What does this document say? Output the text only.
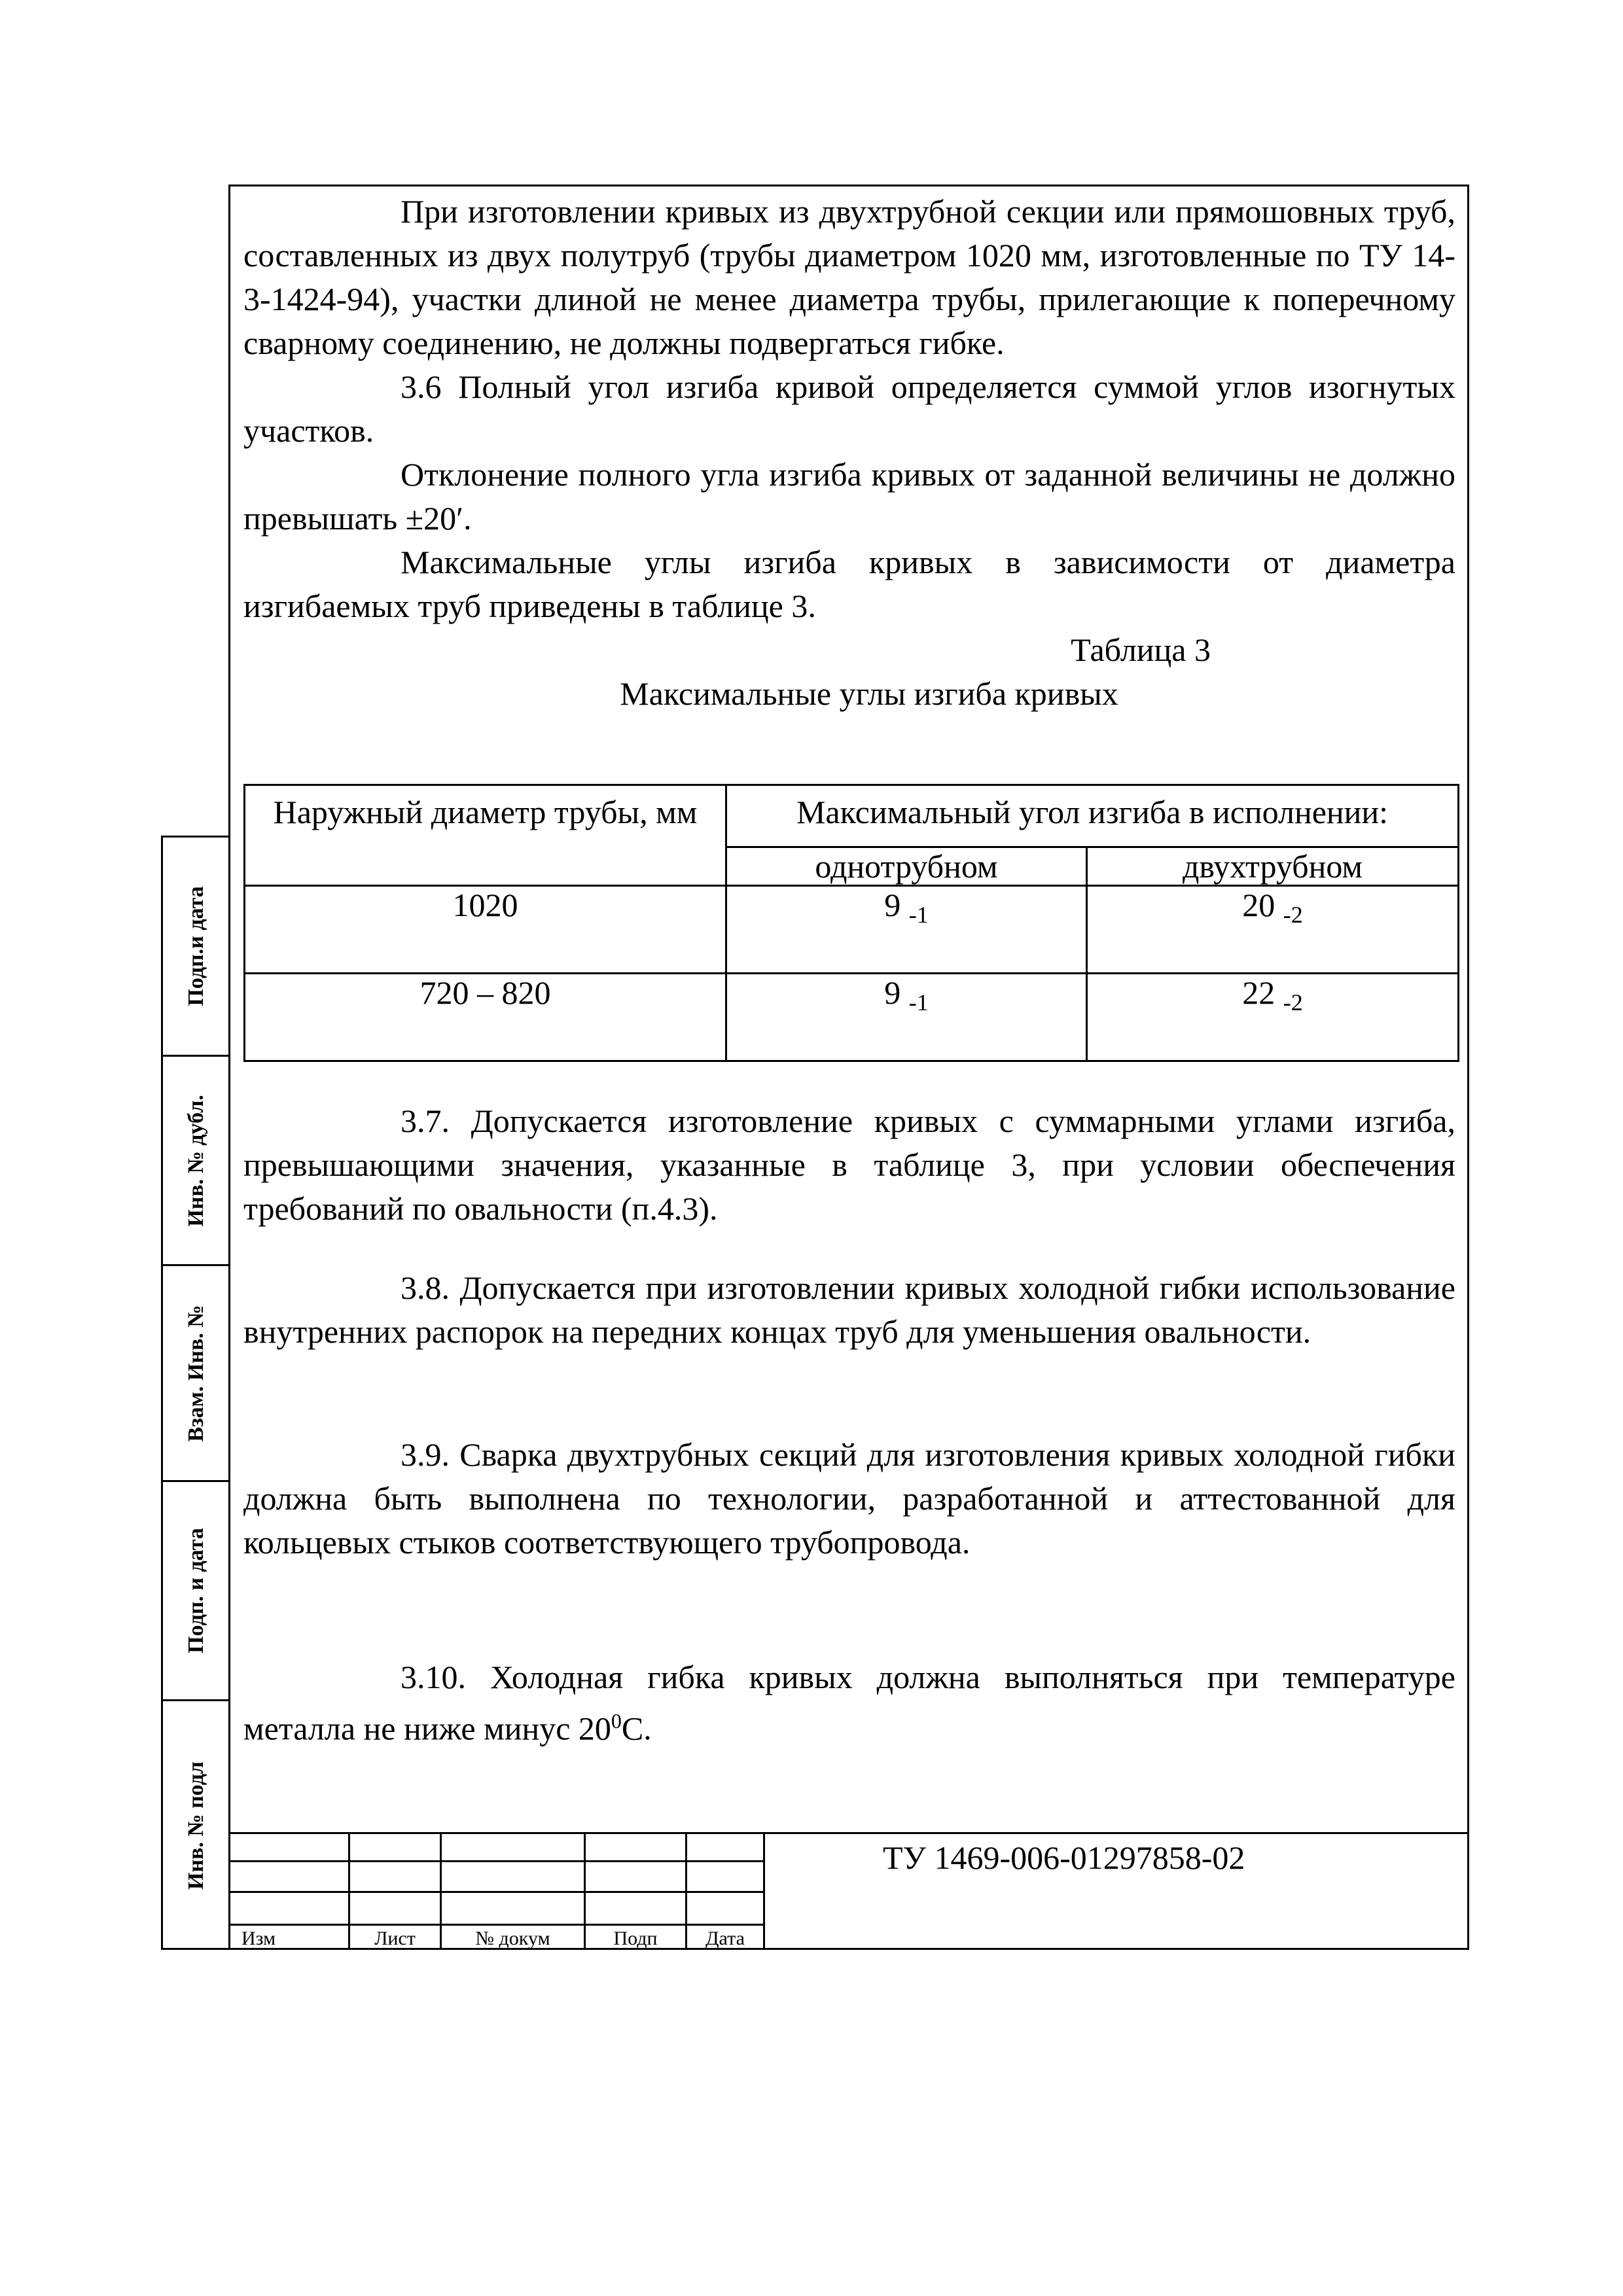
При изготовлении кривых из двухтрубной секции или прямошовных труб, составленных из двух полутруб (трубы диаметром 1020 мм, изготовленные по ТУ 14-3-1424-94), участки длиной не менее диаметра трубы, прилегающие к поперечному сварному соединению, не должны подвергаться гибке.

3.6 Полный угол изгиба кривой определяется суммой углов изогнутых участков.

Отклонение полного угла изгиба кривых от заданной величины не должно превышать ±20′.

Максимальные углы изгиба кривых в зависимости от диаметра изгибаемых труб приведены в таблице 3.

Таблица 3

Максимальные углы изгиба кривых

Наружный диаметр трубы, мм	Максимальный угол изгиба в исполнении:	
	однотрубном	двухтрубном
1020	9 $_{-1}$	20 $_{-2}$
720 – 820	9 $_{-1}$	22 $_{-2}$

3.7. Допускается изготовление кривых с суммарными углами изгиба, превышающими значения, указанные в таблице 3, при условии обеспечения требований по овальности (п.4.3).

3.8. Допускается при изготовлении кривых холодной гибки использование внутренних распорок на передних концах труб для уменьшения овальности.

3.9. Сварка двухтрубных секций для изготовления кривых холодной гибки должна быть выполнена по технологии, разработанной и аттестованной для кольцевых стыков соответствующего трубопровода.

3.10. Холодная гибка кривых должна выполняться при температуре металла не ниже минус $20^0С$.

Подп.и дата
Инв. № дубл.
Взам. Инв. №
Подп. и дата
Инв. № подл
Изм	Лист	№ докум	Подп	Дата
ТУ 1469-006-01297858-02
